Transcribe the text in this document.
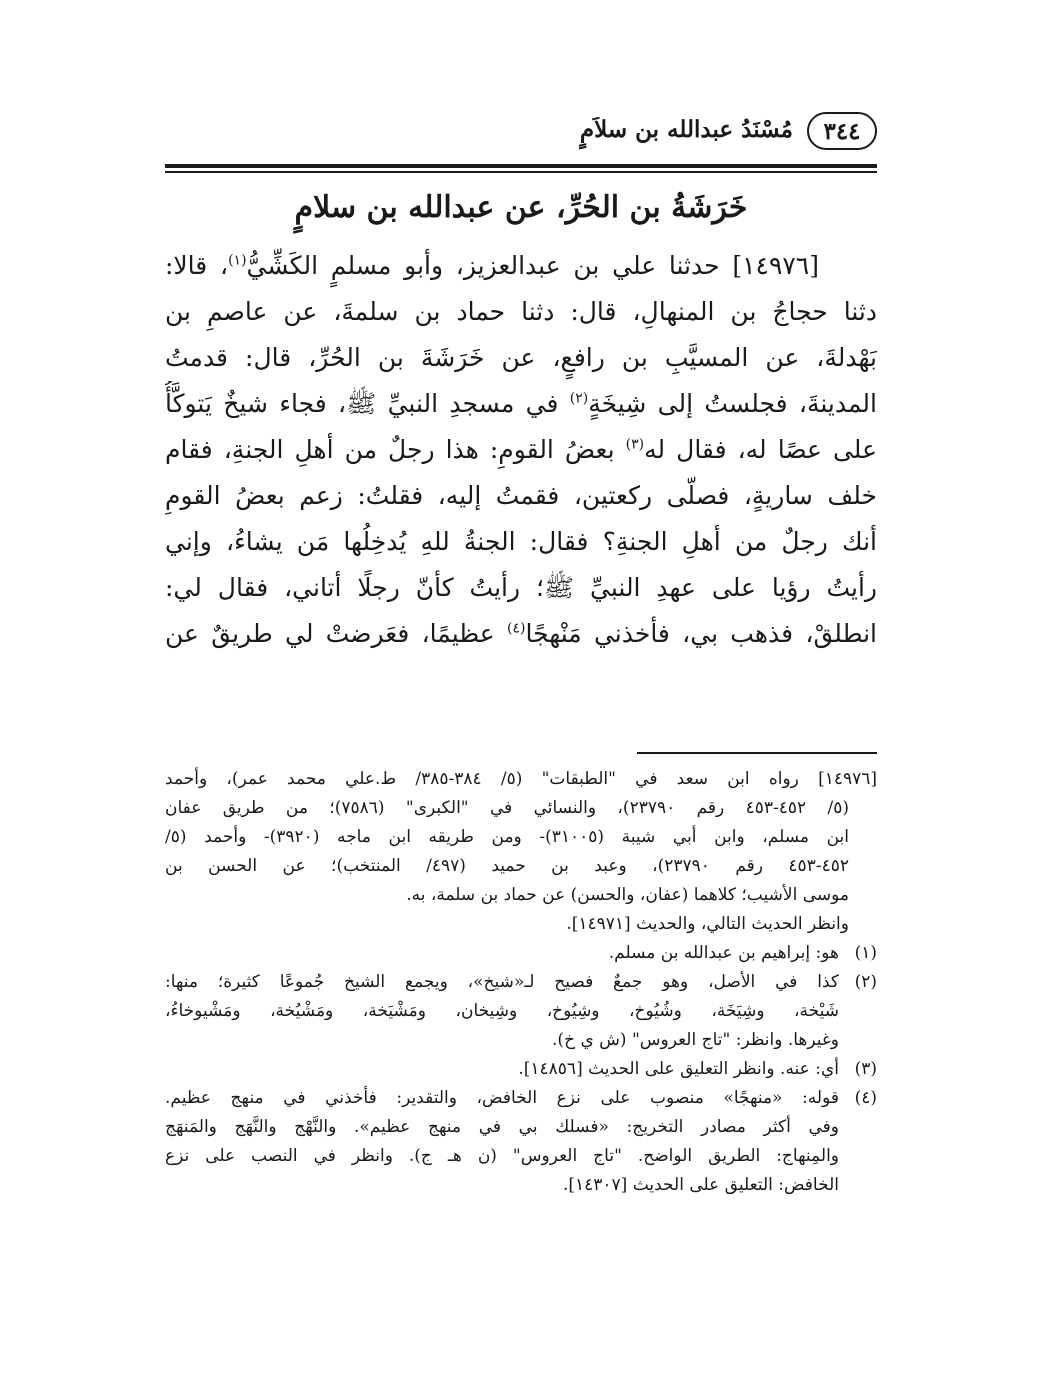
٣٤٤
مُسْنَدُ عبدالله بن سلاَمٍ
خَرَشَةُ بن الحُرِّ، عن عبدالله بن سلامٍ
[١٤٩٧٦] حدثنا علي بن عبدالعزيز، وأبو مسلمٍ الكَشِّيُّ$^{(١)}$، قالا:
دثنا حجاجُ بن المنهالِ، قال: دثنا حماد بن سلمةَ، عن عاصمِ بن
بَهْدلةَ، عن المسيَّبِ بن رافعٍ، عن خَرَشَةَ بن الحُرِّ، قال: قدمتُ
المدينةَ، فجلستُ إلى شِيخَةٍ$^{(٢)}$ في مسجدِ النبيِّ ﷺ، فجاء شيخٌ يَتوكَّأُ
على عصًا له، فقال له$^{(٣)}$ بعضُ القومِ: هذا رجلٌ من أهلِ الجنةِ، فقام
خلف ساريةٍ، فصلّى ركعتين، فقمتُ إليه، فقلتُ: زعم بعضُ القومِ
أنك رجلٌ من أهلِ الجنةِ؟ فقال: الجنةُ للهِ يُدخِلُها مَن يشاءُ، وإني
رأيتُ رؤيا على عهدِ النبيِّ ﷺ؛ رأيتُ كأنّ رجلًا أتاني، فقال لي:
انطلقْ، فذهب بي، فأخذني مَنْهجًا$^{(٤)}$ عظيمًا، فعَرضتْ لي طريقٌ عن
[١٤٩٧٦] رواه ابن سعد في "الطبقات" (٥/ ٣٨٤-٣٨٥/ ط.علي محمد عمر)، وأحمد
(٥/ ٤٥٢-٤٥٣ رقم ٢٣٧٩٠)، والنسائي في "الكبرى" (٧٥٨٦)؛ من طريق عفان
ابن مسلم، وابن أبي شيبة (٣١٠٠٥)- ومن طريقه ابن ماجه (٣٩٢٠)- وأحمد (٥/
٤٥٢-٤٥٣ رقم ٢٣٧٩٠)، وعبد بن حميد (٤٩٧/ المنتخب)؛ عن الحسن بن
موسى الأشيب؛ كلاهما (عفان، والحسن) عن حماد بن سلمة، به.
وانظر الحديث التالي، والحديث [١٤٩٧١].
(١)هو: إبراهيم بن عبدالله بن مسلم.
(٢)كذا في الأصل، وهو جمعٌ فصيح لـ«شيخ»، ويجمع الشيخ جُموعًا كثيرة؛ منها:
شَيْخة، وشِيَخَة، وشُيُوخ، وشِيُوخ، وشِيخان، ومَشْيَخة، ومَشْيُخة، ومَشْيوخاءُ،
وغيرها. وانظر: "تاج العروس" (ش ي خ).
(٣)أي: عنه. وانظر التعليق على الحديث [١٤٨٥٦].
(٤)قوله: «منهجًا» منصوب على نزع الخافض، والتقدير: فأخذني في منهج عظيم.
وفي أكثر مصادر التخريج: «فسلك بي في منهج عظيم». والنَّهْج والنَّهَج والمَنهَج
والمِنهاج: الطريق الواضح. "تاج العروس" (ن هـ ج). وانظر في النصب على نزع
الخافض: التعليق على الحديث [١٤٣٠٧].
